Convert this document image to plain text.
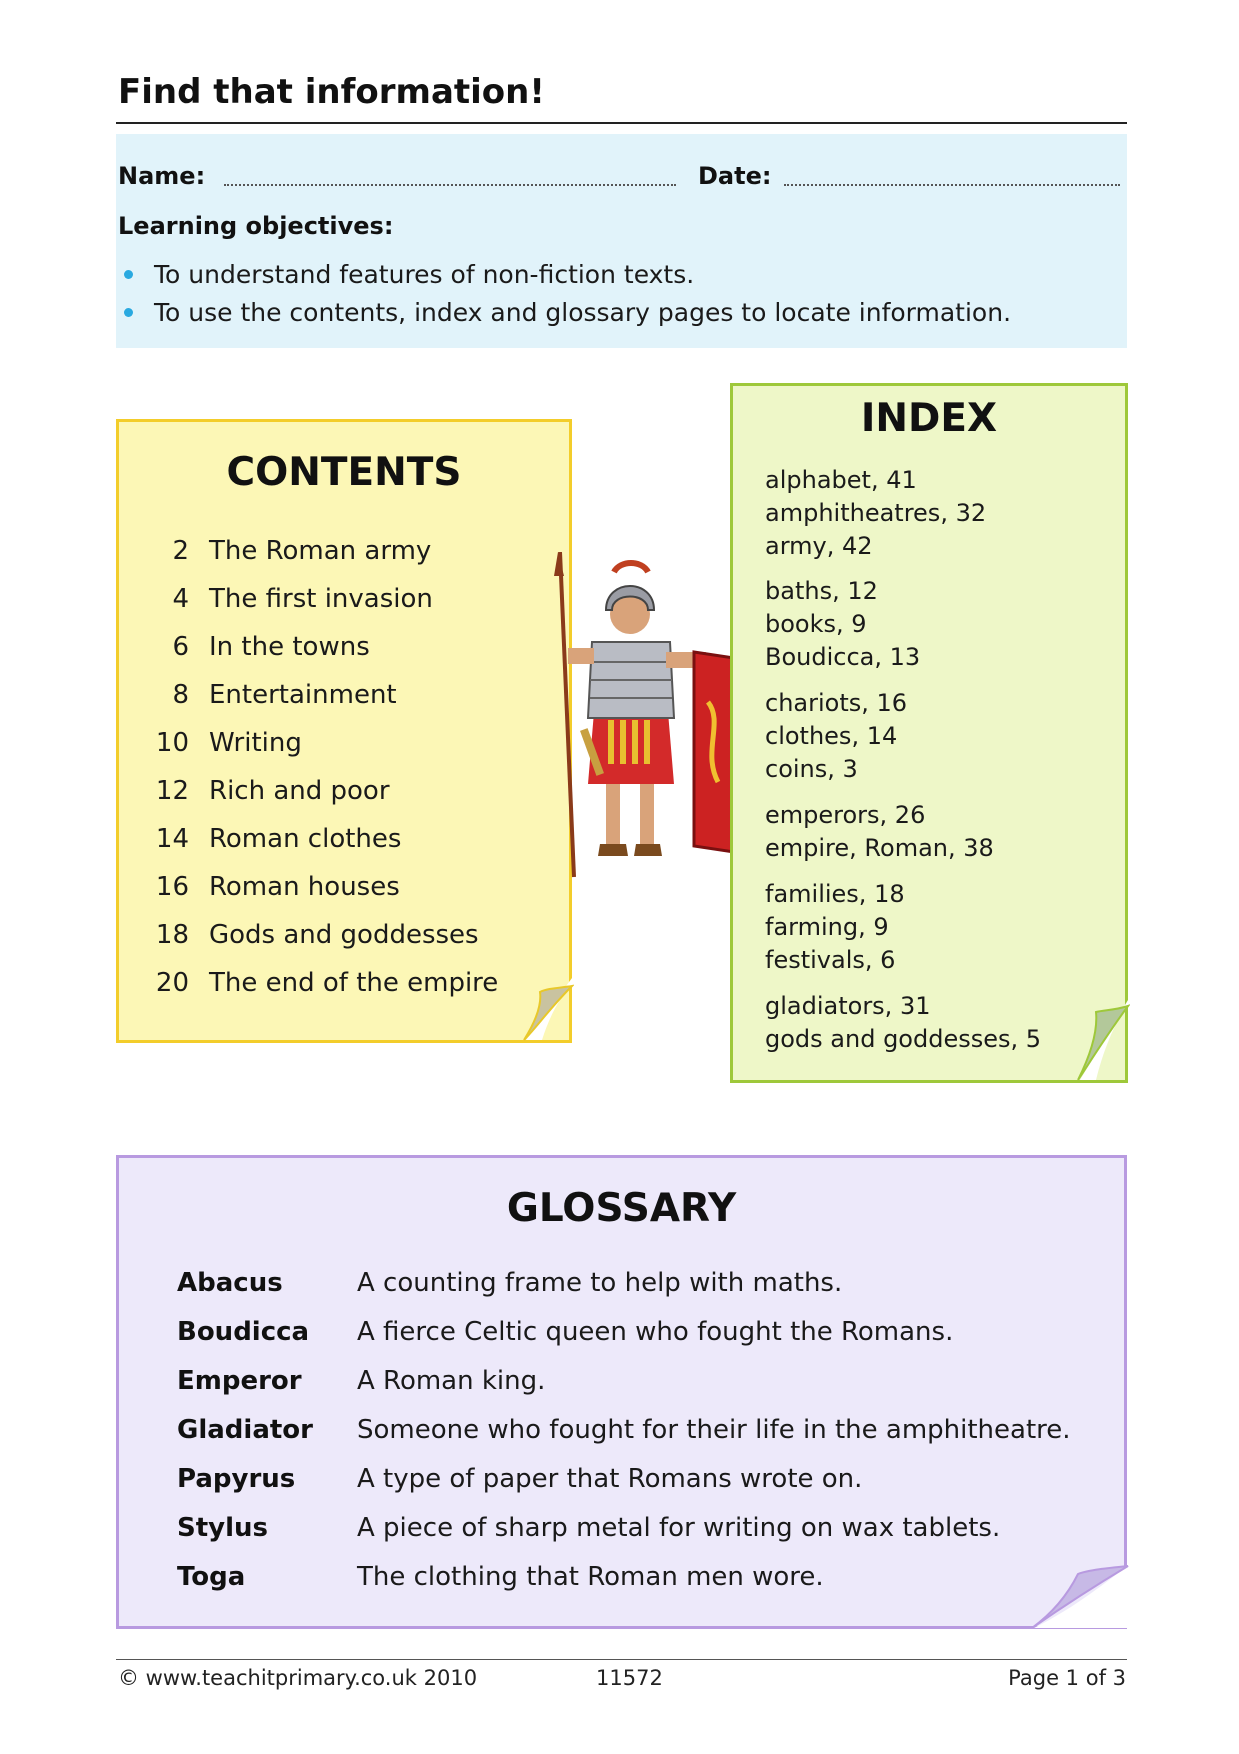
Find that information!
Name:	Date:
Learning objectives:
To understand features of non-fiction texts.
To use the contents, index and glossary pages to locate information.
CONTENTS
2 The Roman army
4 The first invasion
6 In the towns
8 Entertainment
10 Writing
12 Rich and poor
14 Roman clothes
16 Roman houses
18 Gods and goddesses
20 The end of the empire
INDEX
alphabet, 41
amphitheatres, 32
army, 42
baths, 12
books, 9
Boudicca, 13
chariots, 16
clothes, 14
coins, 3
emperors, 26
empire, Roman, 38
families, 18
farming, 9
festivals, 6
gladiators, 31
gods and goddesses, 5
GLOSSARY
Abacus	A counting frame to help with maths.
Boudicca A fierce Celtic queen who fought the Romans.
Emperor A Roman king.
Gladiator Someone who fought for their life in the amphitheatre.
Papyrus A type of paper that Romans wrote on.
Stylus	A piece of sharp metal for writing on wax tablets.
Toga	The clothing that Roman men wore.
© www.teachitprimary.co.uk 2010	11572	Page 1 of 3
